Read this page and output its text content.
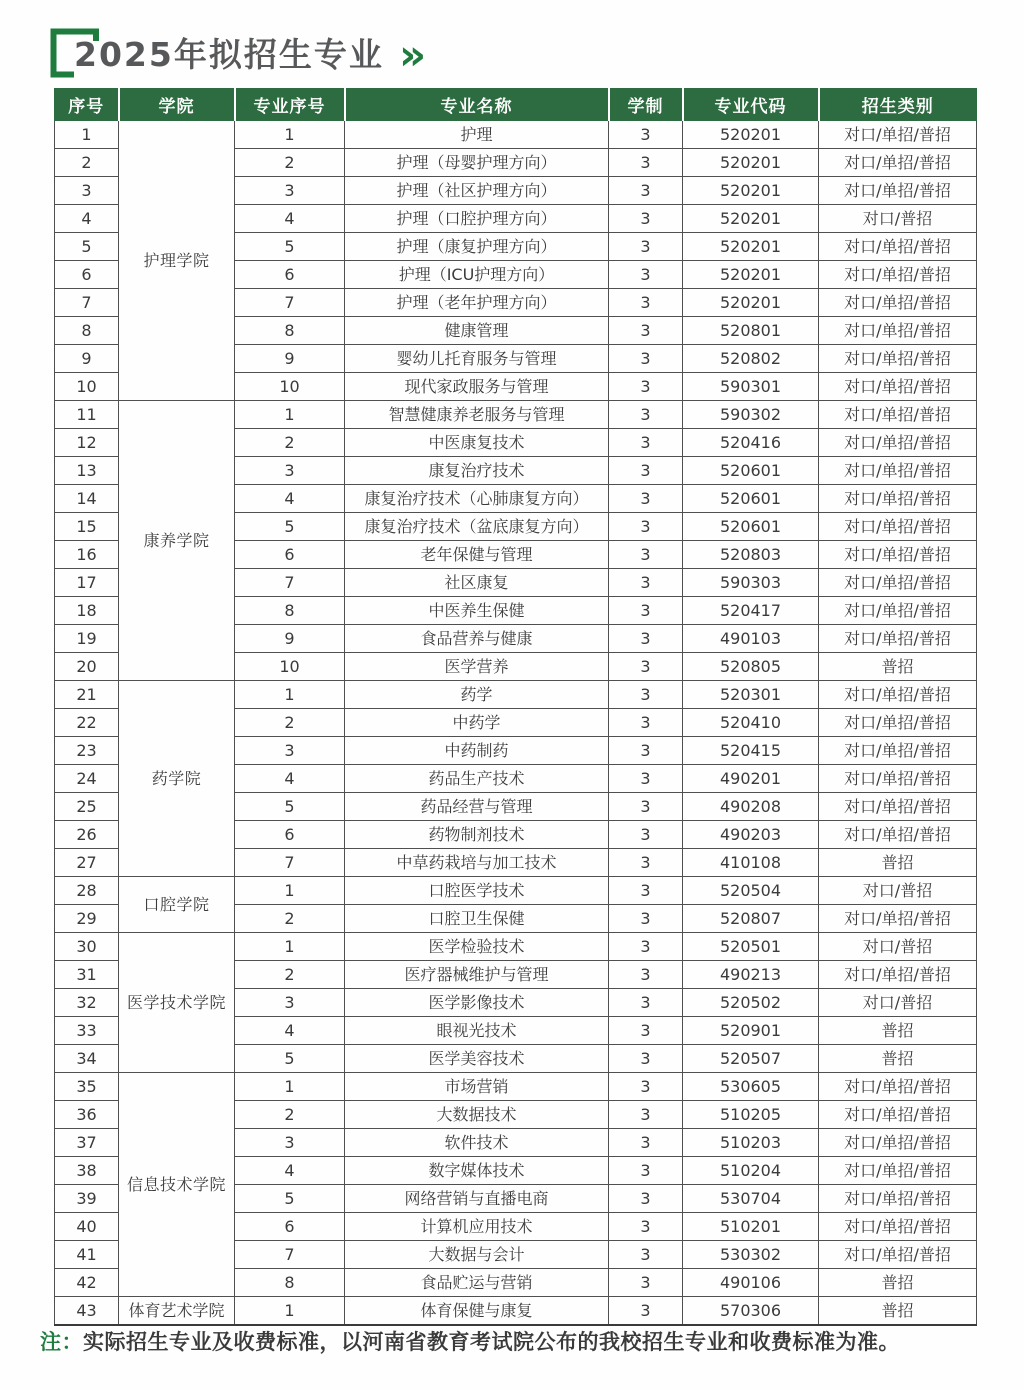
2025年拟招生专业 »
序号	学院	专业序号	专业名称	学制	专业代码	招生类别
1	护理学院	1	护理	3	520201	对口/单招/普招
2		2	护理（母婴护理方向）	3	520201	对口/单招/普招
3		3	护理（社区护理方向）	3	520201	对口/单招/普招
4		4	护理（口腔护理方向）	3	520201	对口/普招
5		5	护理（康复护理方向）	3	520201	对口/单招/普招
6		6	护理（ICU护理方向）	3	520201	对口/单招/普招
7		7	护理（老年护理方向）	3	520201	对口/单招/普招
8		8	健康管理	3	520801	对口/单招/普招
9		9	婴幼儿托育服务与管理	3	520802	对口/单招/普招
10		10	现代家政服务与管理	3	590301	对口/单招/普招
11	康养学院	1	智慧健康养老服务与管理	3	590302	对口/单招/普招
12		2	中医康复技术	3	520416	对口/单招/普招
13		3	康复治疗技术	3	520601	对口/单招/普招
14		4	康复治疗技术（心肺康复方向）	3	520601	对口/单招/普招
15		5	康复治疗技术（盆底康复方向）	3	520601	对口/单招/普招
16		6	老年保健与管理	3	520803	对口/单招/普招
17		7	社区康复	3	590303	对口/单招/普招
18		8	中医养生保健	3	520417	对口/单招/普招
19		9	食品营养与健康	3	490103	对口/单招/普招
20		10	医学营养	3	520805	普招
21	药学院	1	药学	3	520301	对口/单招/普招
22		2	中药学	3	520410	对口/单招/普招
23		3	中药制药	3	520415	对口/单招/普招
24		4	药品生产技术	3	490201	对口/单招/普招
25		5	药品经营与管理	3	490208	对口/单招/普招
26		6	药物制剂技术	3	490203	对口/单招/普招
27		7	中草药栽培与加工技术	3	410108	普招
28	口腔学院	1	口腔医学技术	3	520504	对口/普招
29		2	口腔卫生保健	3	520807	对口/单招/普招
30	医学技术学院	1	医学检验技术	3	520501	对口/普招
31		2	医疗器械维护与管理	3	490213	对口/单招/普招
32		3	医学影像技术	3	520502	对口/普招
33		4	眼视光技术	3	520901	普招
34		5	医学美容技术	3	520507	普招
35	信息技术学院	1	市场营销	3	530605	对口/单招/普招
36		2	大数据技术	3	510205	对口/单招/普招
37		3	软件技术	3	510203	对口/单招/普招
38		4	数字媒体技术	3	510204	对口/单招/普招
39		5	网络营销与直播电商	3	530704	对口/单招/普招
40		6	计算机应用技术	3	510201	对口/单招/普招
41		7	大数据与会计	3	530302	对口/单招/普招
42		8	食品贮运与营销	3	490106	普招
43	体育艺术学院	1	体育保健与康复	3	570306	普招

注：实际招生专业及收费标准，以河南省教育考试院公布的我校招生专业和收费标准为准。
